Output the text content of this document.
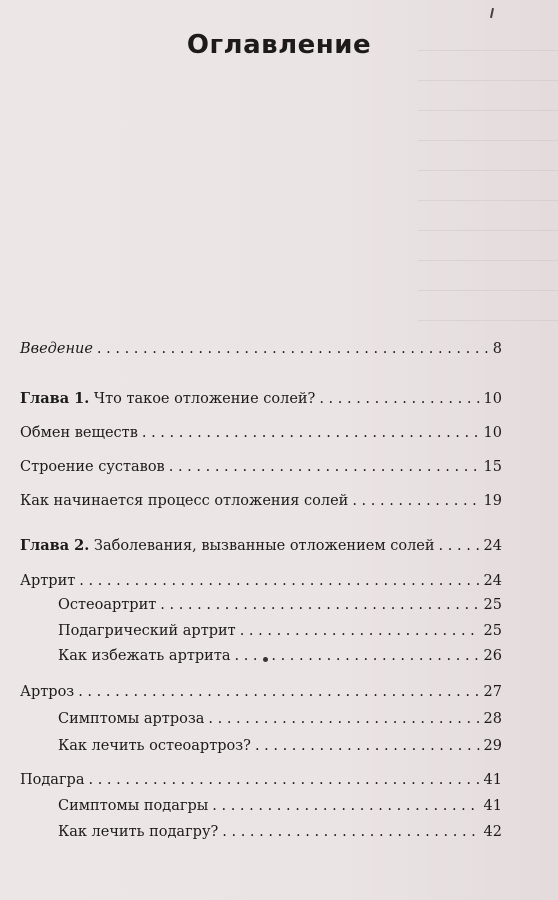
Оглавление
Введение . . .	8
Глава 1. Что такое отложение солей? . . .	10
Обмен веществ . . .	10
Строение суставов . . .	15
Как начинается процесс отложения солей . . .	19
Глава 2. Заболевания, вызванные отложением солей . . .	24
Артрит . . .	24
Остеоартрит . . .	25
Подагрический артрит . . .	25
Как избежать артрита . . .	26
Артроз . . .	27
Симптомы артроза . . .	28
Как лечить остеоартроз? . . .	29
Подагра . . .	41
Симптомы подагры . . .	41
Как лечить подагру? . . .	42
